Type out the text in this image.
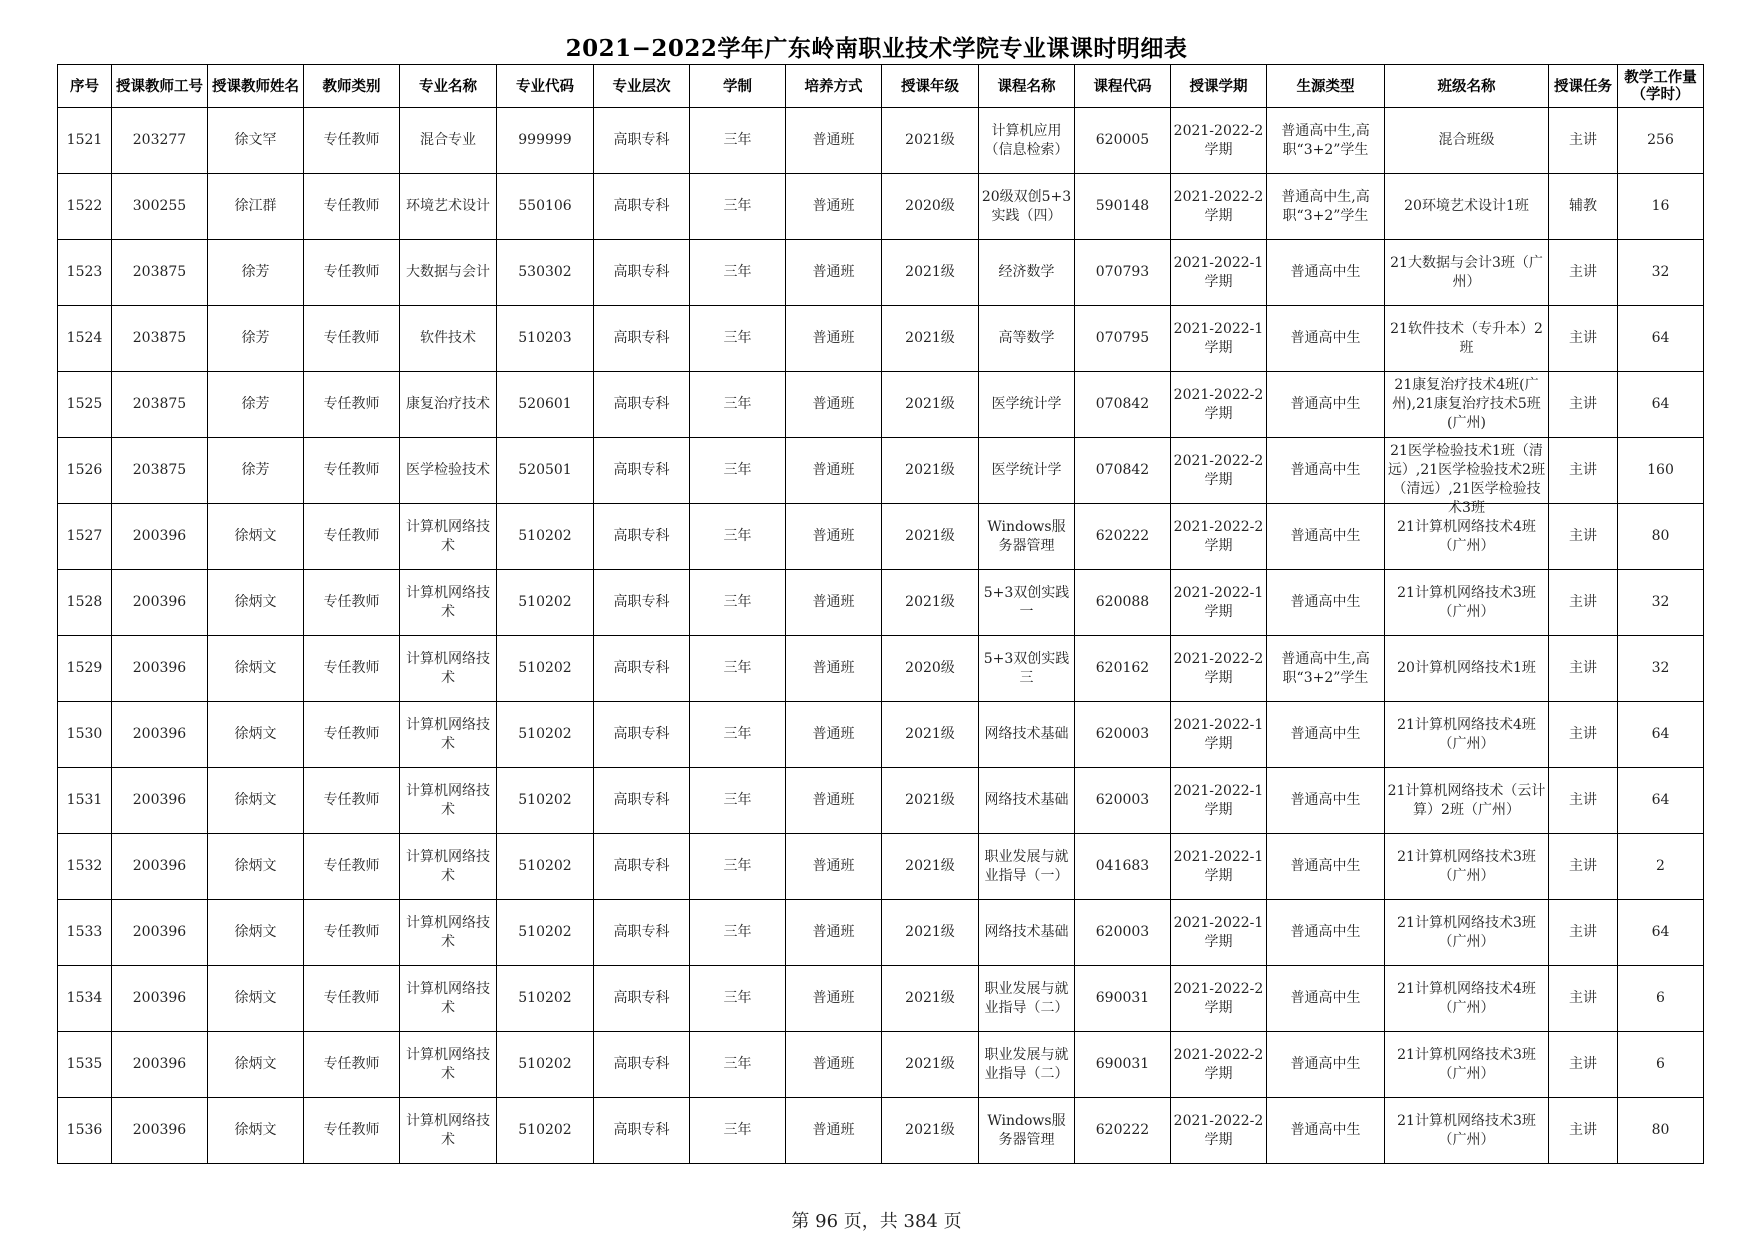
2021−2022学年广东岭南职业技术学院专业课课时明细表
序号	授课教师工号	授课教师姓名	教师类别	专业名称	专业代码	专业层次	学制	培养方式	授课年级	课程名称	课程代码	授课学期	生源类型	班级名称	授课任务	教学工作量（学时）

1521	203277	徐文罕	专任教师	混合专业	999999	高职专科	三年	普通班	2021级	计算机应用（信息检索）	620005	2021-2022-2学期	普通高中生,高职“3+2”学生	混合班级	主讲	256

1522	300255	徐江群	专任教师	环境艺术设计	550106	高职专科	三年	普通班	2020级	20级双创5+3实践（四）	590148	2021-2022-2学期	普通高中生,高职“3+2”学生	20环境艺术设计1班	辅教	16

1523	203875	徐芳	专任教师	大数据与会计	530302	高职专科	三年	普通班	2021级	经济数学	070793	2021-2022-1学期	普通高中生	21大数据与会计3班（广州）	主讲	32

1524	203875	徐芳	专任教师	软件技术	510203	高职专科	三年	普通班	2021级	高等数学	070795	2021-2022-1学期	普通高中生	21软件技术（专升本）2班	主讲	64

1525	203875	徐芳	专任教师	康复治疗技术	520601	高职专科	三年	普通班	2021级	医学统计学	070842	2021-2022-2学期	普通高中生	21康复治疗技术4班(广州),21康复治疗技术5班(广州)	主讲	64

1526	203875	徐芳	专任教师	医学检验技术	520501	高职专科	三年	普通班	2021级	医学统计学	070842	2021-2022-2学期	普通高中生	21医学检验技术1班（清远）,21医学检验技术2班（清远）,21医学检验技术3班	主讲	160

1527	200396	徐炳文	专任教师	计算机网络技术	510202	高职专科	三年	普通班	2021级	Windows服务器管理	620222	2021-2022-2学期	普通高中生	21计算机网络技术4班（广州）	主讲	80

1528	200396	徐炳文	专任教师	计算机网络技术	510202	高职专科	三年	普通班	2021级	5+3双创实践一	620088	2021-2022-1学期	普通高中生	21计算机网络技术3班（广州）	主讲	32

1529	200396	徐炳文	专任教师	计算机网络技术	510202	高职专科	三年	普通班	2020级	5+3双创实践三	620162	2021-2022-2学期	普通高中生,高职“3+2”学生	20计算机网络技术1班	主讲	32

1530	200396	徐炳文	专任教师	计算机网络技术	510202	高职专科	三年	普通班	2021级	网络技术基础	620003	2021-2022-1学期	普通高中生	21计算机网络技术4班（广州）	主讲	64

1531	200396	徐炳文	专任教师	计算机网络技术	510202	高职专科	三年	普通班	2021级	网络技术基础	620003	2021-2022-1学期	普通高中生	21计算机网络技术（云计算）2班（广州）	主讲	64

1532	200396	徐炳文	专任教师	计算机网络技术	510202	高职专科	三年	普通班	2021级	职业发展与就业指导（一）	041683	2021-2022-1学期	普通高中生	21计算机网络技术3班（广州）	主讲	2

1533	200396	徐炳文	专任教师	计算机网络技术	510202	高职专科	三年	普通班	2021级	网络技术基础	620003	2021-2022-1学期	普通高中生	21计算机网络技术3班（广州）	主讲	64

1534	200396	徐炳文	专任教师	计算机网络技术	510202	高职专科	三年	普通班	2021级	职业发展与就业指导（二）	690031	2021-2022-2学期	普通高中生	21计算机网络技术4班（广州）	主讲	6

1535	200396	徐炳文	专任教师	计算机网络技术	510202	高职专科	三年	普通班	2021级	职业发展与就业指导（二）	690031	2021-2022-2学期	普通高中生	21计算机网络技术3班（广州）	主讲	6

1536	200396	徐炳文	专任教师	计算机网络技术	510202	高职专科	三年	普通班	2021级	Windows服务器管理	620222	2021-2022-2学期	普通高中生	21计算机网络技术3班（广州）	主讲	80
第 96 页，共 384 页
